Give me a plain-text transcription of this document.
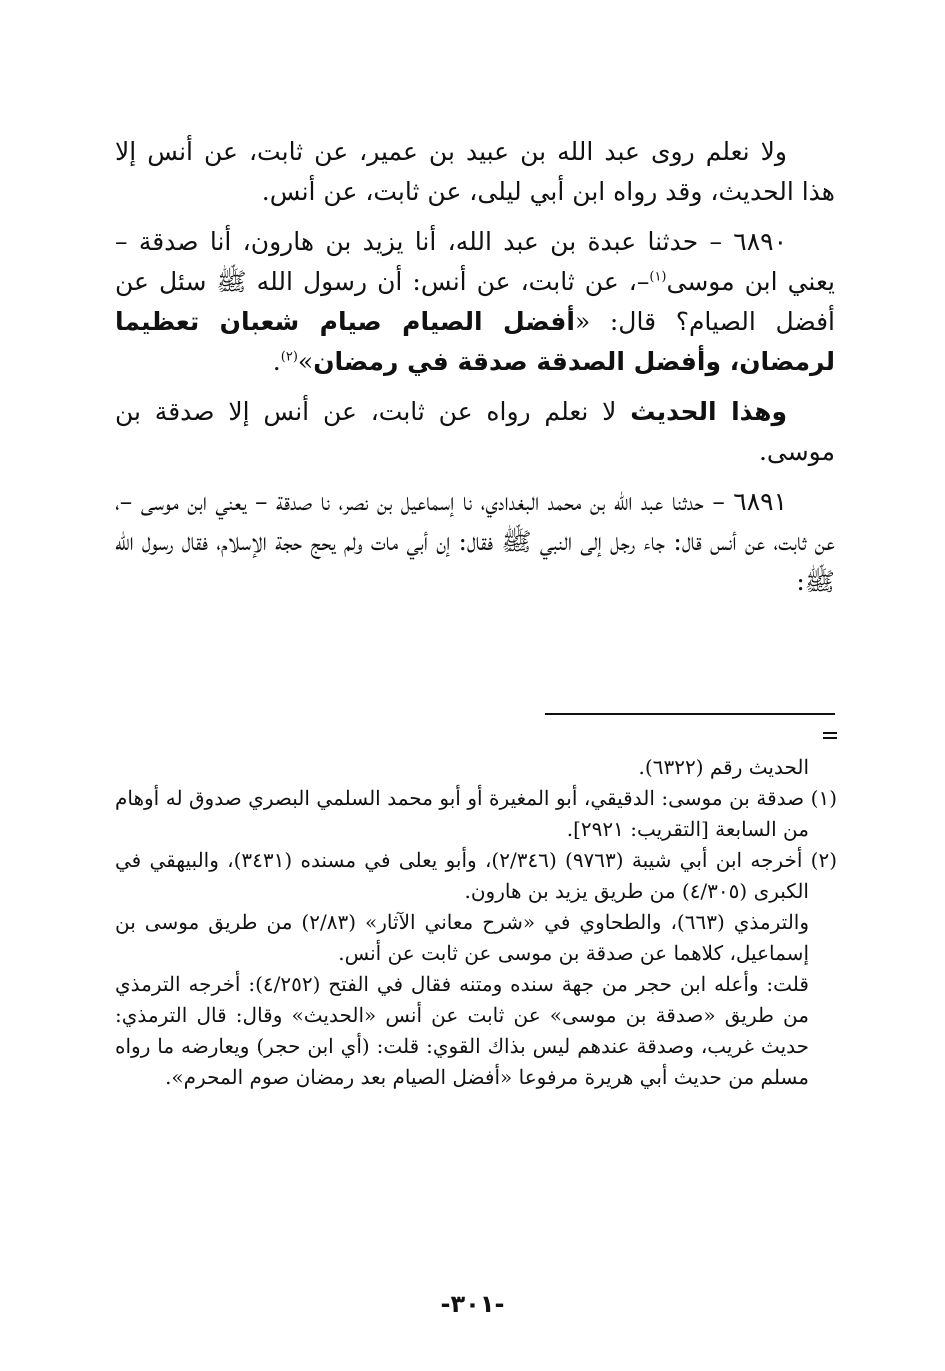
ولا نعلم روى عبد الله بن عبيد بن عمير، عن ثابت، عن أنس إلا هذا الحديث، وقد رواه ابن أبي ليلى، عن ثابت، عن أنس.

٦٨٩٠ – حدثنا عبدة بن عبد الله، أنا يزيد بن هارون، أنا صدقة – يعني ابن موسى$^{(١)}$–، عن ثابت، عن أنس: أن رسول الله ﷺ سئل عن أفضل الصيام؟ قال: «أفضل الصيام صيام شعبان تعظيما لرمضان، وأفضل الصدقة صدقة في رمضان»$^{(٢)}$.

وهذا الحديث لا نعلم رواه عن ثابت، عن أنس إلا صدقة بن موسى.

٦٨٩١ – حدثنا عبد الله بن محمد البغدادي، نا إسماعيل بن نصر، نا صدقة – يعني ابن موسى –، عن ثابت، عن أنس قال: جاء رجل إلى النبي ﷺ فقال: إن أبي مات ولم يحج حجة الإسلام، فقال رسول الله ﷺ:

الحديث رقم (٦٣٢٢).

(١) صدقة بن موسى: الدقيقي، أبو المغيرة أو أبو محمد السلمي البصري صدوق له أوهام من السابعة [التقريب: ٢٩٢١].

(٢) أخرجه ابن أبي شيبة (٩٧٦٣) (٢/٣٤٦)، وأبو يعلى في مسنده (٣٤٣١)، والبيهقي في الكبرى (٤/٣٠٥) من طريق يزيد بن هارون.

والترمذي (٦٦٣)، والطحاوي في «شرح معاني الآثار» (٢/٨٣) من طريق موسى بن إسماعيل، كلاهما عن صدقة بن موسى عن ثابت عن أنس.

قلت: وأعله ابن حجر من جهة سنده ومتنه فقال في الفتح (٤/٢٥٢): أخرجه الترمذي من طريق «صدقة بن موسى» عن ثابت عن أنس «الحديث» وقال: قال الترمذي: حديث غريب، وصدقة عندهم ليس بذاك القوي: قلت: (أي ابن حجر) ويعارضه ما رواه مسلم من حديث أبي هريرة مرفوعا «أفضل الصيام بعد رمضان صوم المحرم».

-٣٠١-
